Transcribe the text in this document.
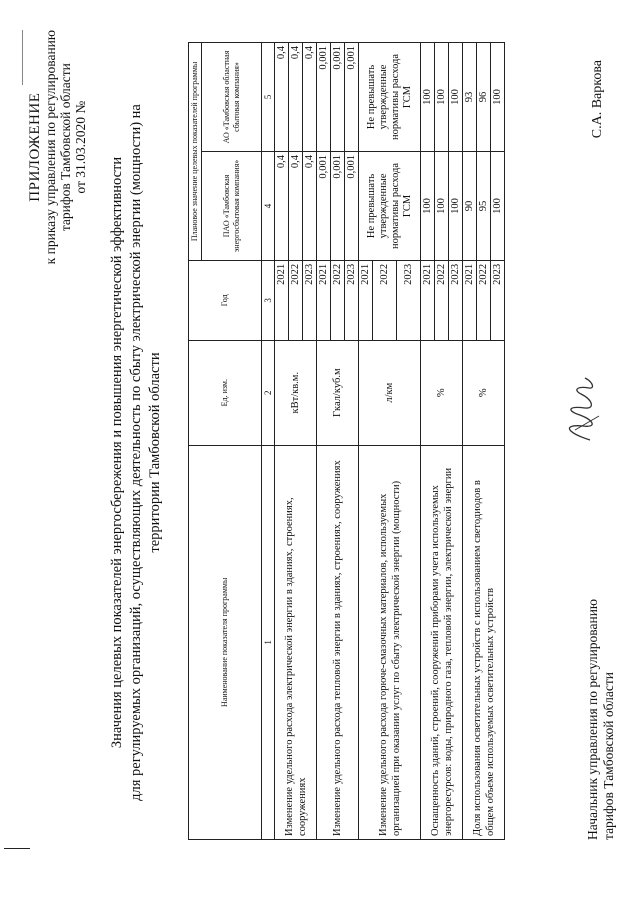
ПРИЛОЖЕНИЕ к приказу управления по регулированию тарифов Тамбовской области от 31.03.2020 №
Значения целевых показателей энергосбережения и повышения энергетической эффективности для регулируемых организаций, осуществляющих деятельность по сбыту электрической энергии (мощности) на территории Тамбовской области
Наименование показателя программы	Ед. изм.	Год	Плановое значение целевых показателей программы	
			ПАО «Тамбовская энергосбытовая компания»	АО «Тамбовская областная сбытовая компания»
1	2	3	4	5
Изменение удельного расхода электрической энергии в зданиях, строениях, сооружениях	кВт/кв.м.	2021	0,4	0,4
		2022	0,4	0,4
		2023	0,4	0,4
Изменение удельного расхода тепловой энергии в зданиях, строениях, сооружениях	Гкал/куб.м	2021	0,001	0,001
		2022	0,001	0,001
		2023	0,001	0,001
Изменение удельного расхода горюче-смазочных материалов, используемых организацией при оказании услуг по сбыту электрической энергии (мощности)	л/км	2021	Не превышать утвержденные нормативы расхода ГСМ	Не превышать утвержденные нормативы расхода ГСМ
		2022		
		2023		
Оснащенность зданий, строений, сооружений приборами учета используемых энергоресурсов: воды, природного газа, тепловой энергии, электрической энергии	%	2021	100	100
		2022	100	100
		2023	100	100
Доля использования осветительных устройств с использованием светодиодов в общем объеме используемых осветительных устройств	%	2021	90	93
		2022	95	96
		2023	100	100
Начальник управления по регулированию тарифов Тамбовской области
С.А. Варкова
